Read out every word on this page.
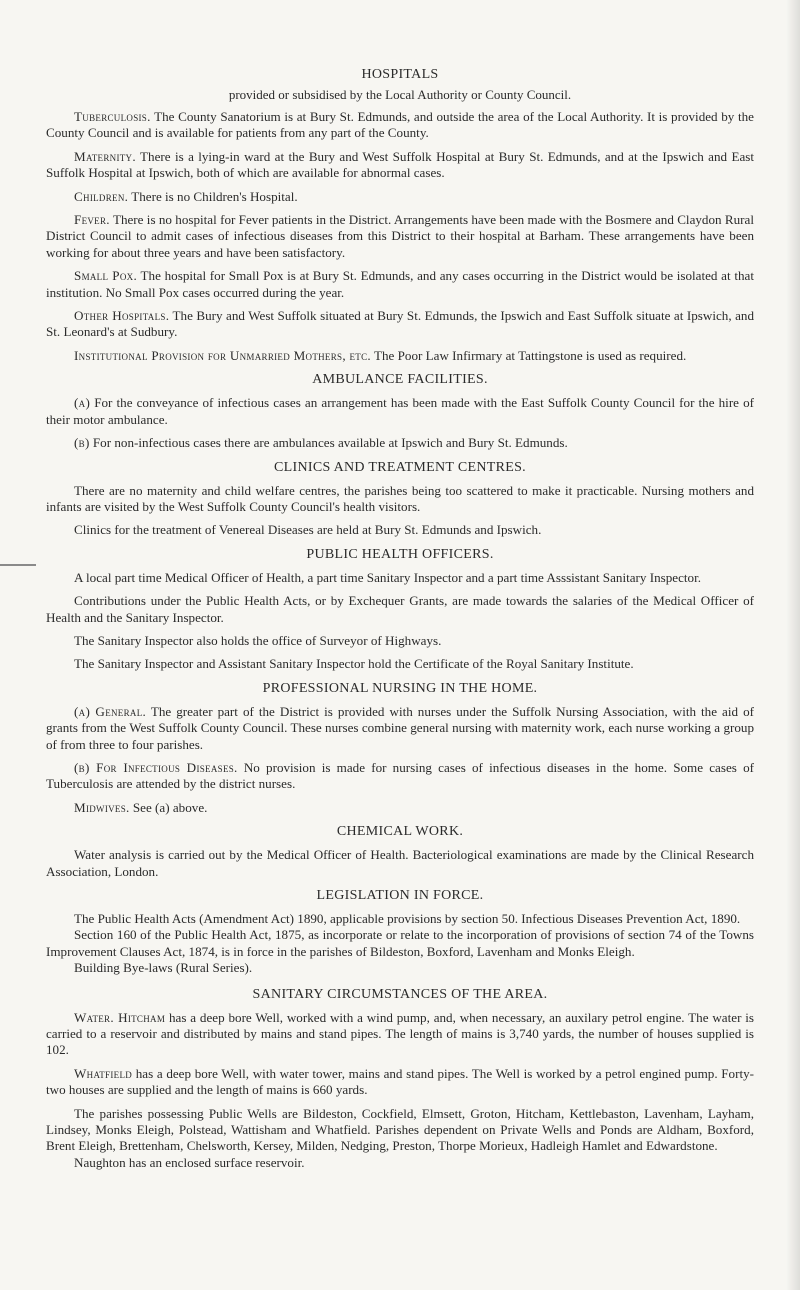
HOSPITALS
provided or subsidised by the Local Authority or County Council.

Tuberculosis. The County Sanatorium is at Bury St. Edmunds, and outside the area of the Local Authority. It is provided by the County Council and is available for patients from any part of the County.

Maternity. There is a lying-in ward at the Bury and West Suffolk Hospital at Bury St. Edmunds, and at the Ipswich and East Suffolk Hospital at Ipswich, both of which are available for abnormal cases.

Children. There is no Children's Hospital.

Fever. There is no hospital for Fever patients in the District. Arrangements have been made with the Bosmere and Claydon Rural District Council to admit cases of infectious diseases from this District to their hospital at Barham. These arrangements have been working for about three years and have been satisfactory.

Small Pox. The hospital for Small Pox is at Bury St. Edmunds, and any cases occurring in the District would be isolated at that institution. No Small Pox cases occurred during the year.

Other Hospitals. The Bury and West Suffolk situated at Bury St. Edmunds, the Ipswich and East Suffolk situate at Ipswich, and St. Leonard's at Sudbury.

Institutional Provision for Unmarried Mothers, etc. The Poor Law Infirmary at Tattingstone is used as required.

AMBULANCE FACILITIES.

(a) For the conveyance of infectious cases an arrangement has been made with the East Suffolk County Council for the hire of their motor ambulance.

(b) For non-infectious cases there are ambulances available at Ipswich and Bury St. Edmunds.

CLINICS AND TREATMENT CENTRES.

There are no maternity and child welfare centres, the parishes being too scattered to make it practicable. Nursing mothers and infants are visited by the West Suffolk County Council's health visitors.

Clinics for the treatment of Venereal Diseases are held at Bury St. Edmunds and Ipswich.

PUBLIC HEALTH OFFICERS.

A local part time Medical Officer of Health, a part time Sanitary Inspector and a part time Asssistant Sanitary Inspector.

Contributions under the Public Health Acts, or by Exchequer Grants, are made towards the salaries of the Medical Officer of Health and the Sanitary Inspector.

The Sanitary Inspector also holds the office of Surveyor of Highways.

The Sanitary Inspector and Assistant Sanitary Inspector hold the Certificate of the Royal Sanitary Institute.

PROFESSIONAL NURSING IN THE HOME.

(a) General. The greater part of the District is provided with nurses under the Suffolk Nursing Association, with the aid of grants from the West Suffolk County Council. These nurses combine general nursing with maternity work, each nurse working a group of from three to four parishes.

(b) For Infectious Diseases. No provision is made for nursing cases of infectious diseases in the home. Some cases of Tuberculosis are attended by the district nurses.

Midwives. See (a) above.

CHEMICAL WORK.

Water analysis is carried out by the Medical Officer of Health. Bacteriological examinations are made by the Clinical Research Association, London.

LEGISLATION IN FORCE.

The Public Health Acts (Amendment Act) 1890, applicable provisions by section 50. Infectious Diseases Prevention Act, 1890.

Section 160 of the Public Health Act, 1875, as incorporate or relate to the incorporation of provisions of section 74 of the Towns Improvement Clauses Act, 1874, is in force in the parishes of Bildeston, Boxford, Lavenham and Monks Eleigh.

Building Bye-laws (Rural Series).

SANITARY CIRCUMSTANCES OF THE AREA.

Water. Hitcham has a deep bore Well, worked with a wind pump, and, when necessary, an auxilary petrol engine. The water is carried to a reservoir and distributed by mains and stand pipes. The length of mains is 3,740 yards, the number of houses supplied is 102.

Whatfield has a deep bore Well, with water tower, mains and stand pipes. The Well is worked by a petrol engined pump. Forty-two houses are supplied and the length of mains is 660 yards.

The parishes possessing Public Wells are Bildeston, Cockfield, Elmsett, Groton, Hitcham, Kettlebaston, Lavenham, Layham, Lindsey, Monks Eleigh, Polstead, Wattisham and Whatfield. Parishes dependent on Private Wells and Ponds are Aldham, Boxford, Brent Eleigh, Brettenham, Chelsworth, Kersey, Milden, Nedging, Preston, Thorpe Morieux, Hadleigh Hamlet and Edwardstone.

Naughton has an enclosed surface reservoir.
